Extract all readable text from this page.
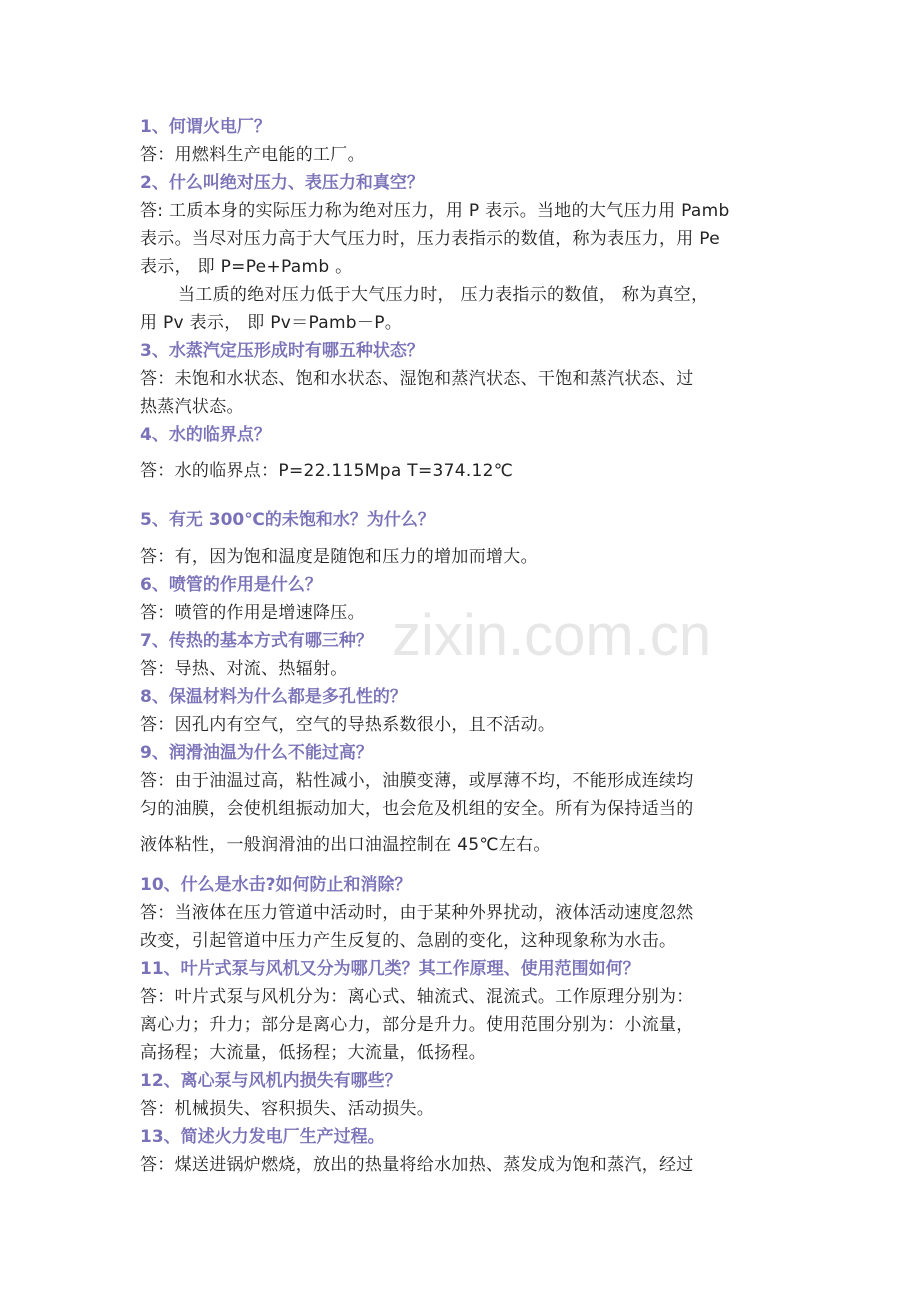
1、何谓火电厂？
答：用燃料生产电能的工厂。
2、什么叫绝对压力、表压力和真空？
答: 工质本身的实际压力称为绝对压力，用 P 表示。当地的大气压力用 Pamb
表示。当尽对压力高于大气压力时，压力表指示的数值，称为表压力，用 Pe
表示， 即 P=Pe+Pamb 。
当工质的绝对压力低于大气压力时， 压力表指示的数值， 称为真空，
用 Pv 表示， 即 Pv＝Pamb－P。
3、水蒸汽定压形成时有哪五种状态？
答：未饱和水状态、饱和水状态、湿饱和蒸汽状态、干饱和蒸汽状态、过
热蒸汽状态。
4、水的临界点？
答：水的临界点：P=22.115Mpa T=374.12℃
5、有无 300℃的未饱和水？为什么？
答：有，因为饱和温度是随饱和压力的增加而增大。
6、喷管的作用是什么？
答：喷管的作用是增速降压。
7、传热的基本方式有哪三种？
答：导热、对流、热辐射。
8、保温材料为什么都是多孔性的？
答：因孔内有空气，空气的导热系数很小，且不活动。
9、润滑油温为什么不能过高？
答：由于油温过高，粘性减小，油膜变薄，或厚薄不均，不能形成连续均
匀的油膜，会使机组振动加大，也会危及机组的安全。所有为保持适当的
液体粘性，一般润滑油的出口油温控制在 45℃左右。
10、什么是水击?如何防止和消除？
答：当液体在压力管道中活动时，由于某种外界扰动，液体活动速度忽然
改变，引起管道中压力产生反复的、急剧的变化，这种现象称为水击。
11、叶片式泵与风机又分为哪几类？其工作原理、使用范围如何？
答：叶片式泵与风机分为：离心式、轴流式、混流式。工作原理分别为：
离心力；升力；部分是离心力，部分是升力。使用范围分别为：小流量，
高扬程；大流量，低扬程；大流量，低扬程。
12、离心泵与风机内损失有哪些？
答：机械损失、容积损失、活动损失。
13、简述火力发电厂生产过程。
答：煤送进锅炉燃烧，放出的热量将给水加热、蒸发成为饱和蒸汽，经过
zixin.com.cn
